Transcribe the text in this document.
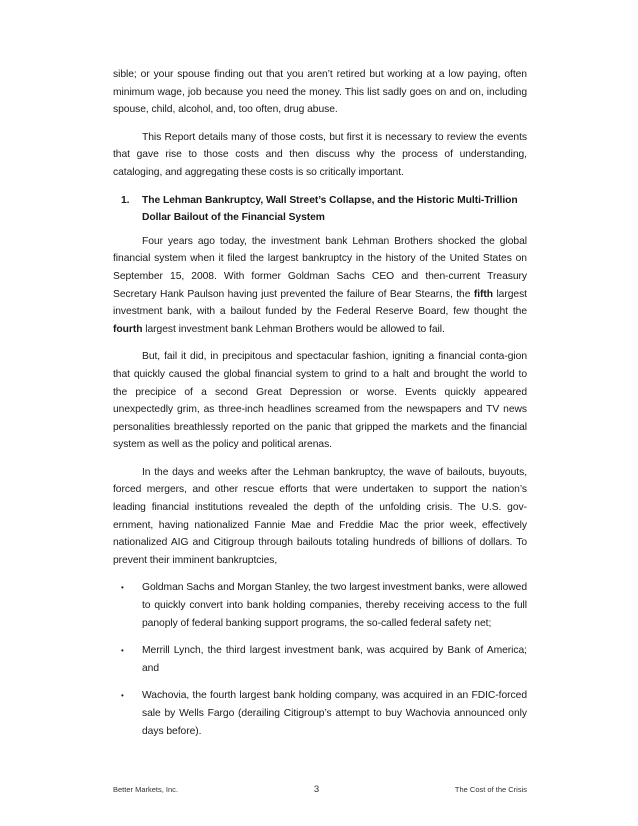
sible; or your spouse finding out that you aren’t retired but working at a low paying, often minimum wage, job because you need the money. This list sadly goes on and on, including spouse, child, alcohol, and, too often, drug abuse.

This Report details many of those costs, but first it is necessary to review the events that gave rise to those costs and then discuss why the process of understanding, cataloging, and aggregating these costs is so critically important.

1.	The Lehman Bankruptcy, Wall Street’s Collapse, and the Historic Multi-Trillion Dollar Bailout of the Financial System

Four years ago today, the investment bank Lehman Brothers shocked the global financial system when it filed the largest bankruptcy in the history of the United States on September 15, 2008. With former Goldman Sachs CEO and then-current Treasury Secretary Hank Paulson having just prevented the failure of Bear Stearns, the fifth largest investment bank, with a bailout funded by the Federal Reserve Board, few thought the fourth largest investment bank Lehman Brothers would be allowed to fail.

But, fail it did, in precipitous and spectacular fashion, igniting a financial conta-gion that quickly caused the global financial system to grind to a halt and brought the world to the precipice of a second Great Depression or worse. Events quickly appeared unexpectedly grim, as three-inch headlines screamed from the newspapers and TV news personalities breathlessly reported on the panic that gripped the markets and the financial system as well as the policy and political arenas.

In the days and weeks after the Lehman bankruptcy, the wave of bailouts, buyouts, forced mergers, and other rescue efforts that were undertaken to support the nation’s leading financial institutions revealed the depth of the unfolding crisis. The U.S. gov-ernment, having nationalized Fannie Mae and Freddie Mac the prior week, effectively nationalized AIG and Citigroup through bailouts totaling hundreds of billions of dollars. To prevent their imminent bankruptcies,

•	Goldman Sachs and Morgan Stanley, the two largest investment banks, were allowed to quickly convert into bank holding companies, thereby receiving access to the full panoply of federal banking support programs, the so-called federal safety net;
•	Merrill Lynch, the third largest investment bank, was acquired by Bank of America; and
•	Wachovia, the fourth largest bank holding company, was acquired in an FDIC-forced sale by Wells Fargo (derailing Citigroup’s attempt to buy Wachovia announced only days before).
Better Markets, Inc.	3	The Cost of the Crisis
